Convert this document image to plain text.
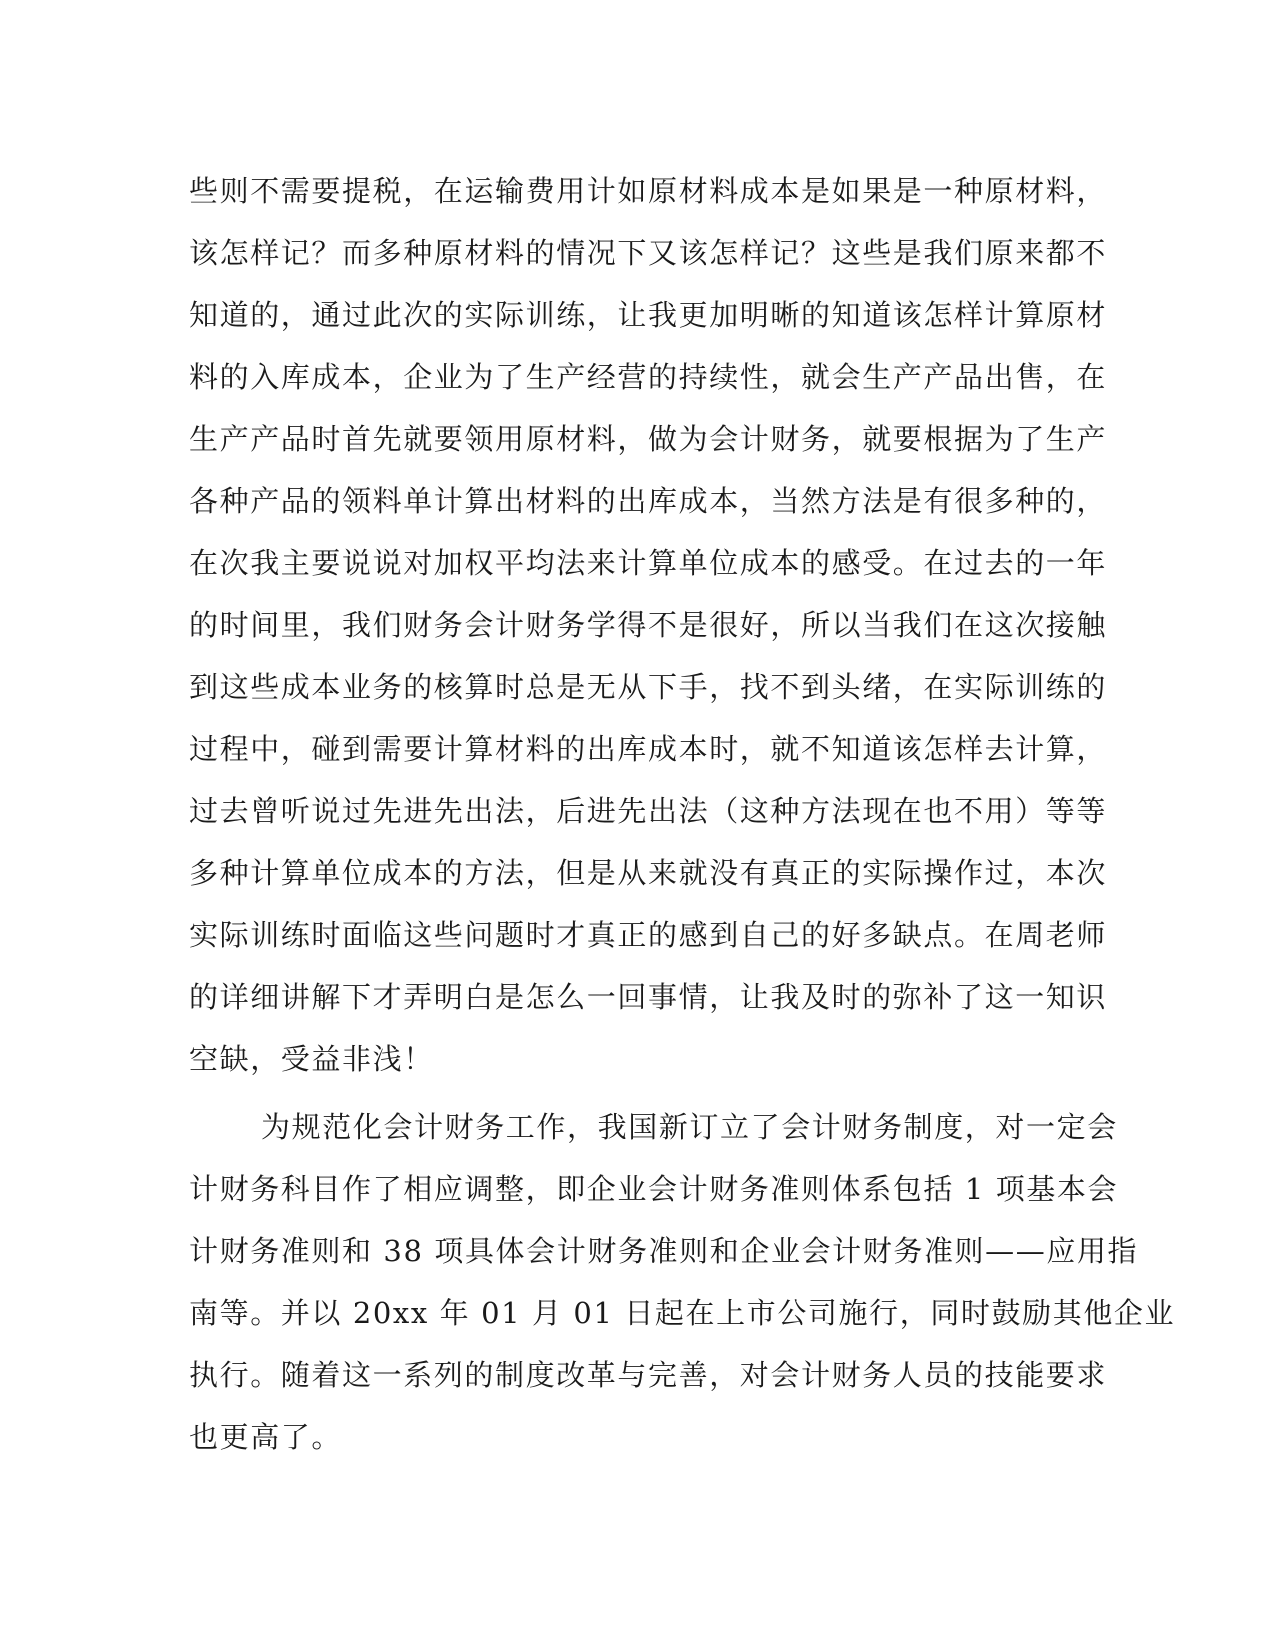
些则不需要提税，在运输费用计如原材料成本是如果是一种原材料，
该怎样记？而多种原材料的情况下又该怎样记？这些是我们原来都不
知道的，通过此次的实际训练，让我更加明晰的知道该怎样计算原材
料的入库成本，企业为了生产经营的持续性，就会生产产品出售，在
生产产品时首先就要领用原材料，做为会计财务，就要根据为了生产
各种产品的领料单计算出材料的出库成本，当然方法是有很多种的，
在次我主要说说对加权平均法来计算单位成本的感受。在过去的一年
的时间里，我们财务会计财务学得不是很好，所以当我们在这次接触
到这些成本业务的核算时总是无从下手，找不到头绪，在实际训练的
过程中，碰到需要计算材料的出库成本时，就不知道该怎样去计算，
过去曾听说过先进先出法，后进先出法（这种方法现在也不用）等等
多种计算单位成本的方法，但是从来就没有真正的实际操作过，本次
实际训练时面临这些问题时才真正的感到自己的好多缺点。在周老师
的详细讲解下才弄明白是怎么一回事情，让我及时的弥补了这一知识
空缺，受益非浅！
为规范化会计财务工作，我国新订立了会计财务制度，对一定会
计财务科目作了相应调整，即企业会计财务准则体系包括 1 项基本会
计财务准则和 38 项具体会计财务准则和企业会计财务准则——应用指
南等。并以 20xx 年 01 月 01 日起在上市公司施行，同时鼓励其他企业
执行。随着这一系列的制度改革与完善，对会计财务人员的技能要求
也更高了。
